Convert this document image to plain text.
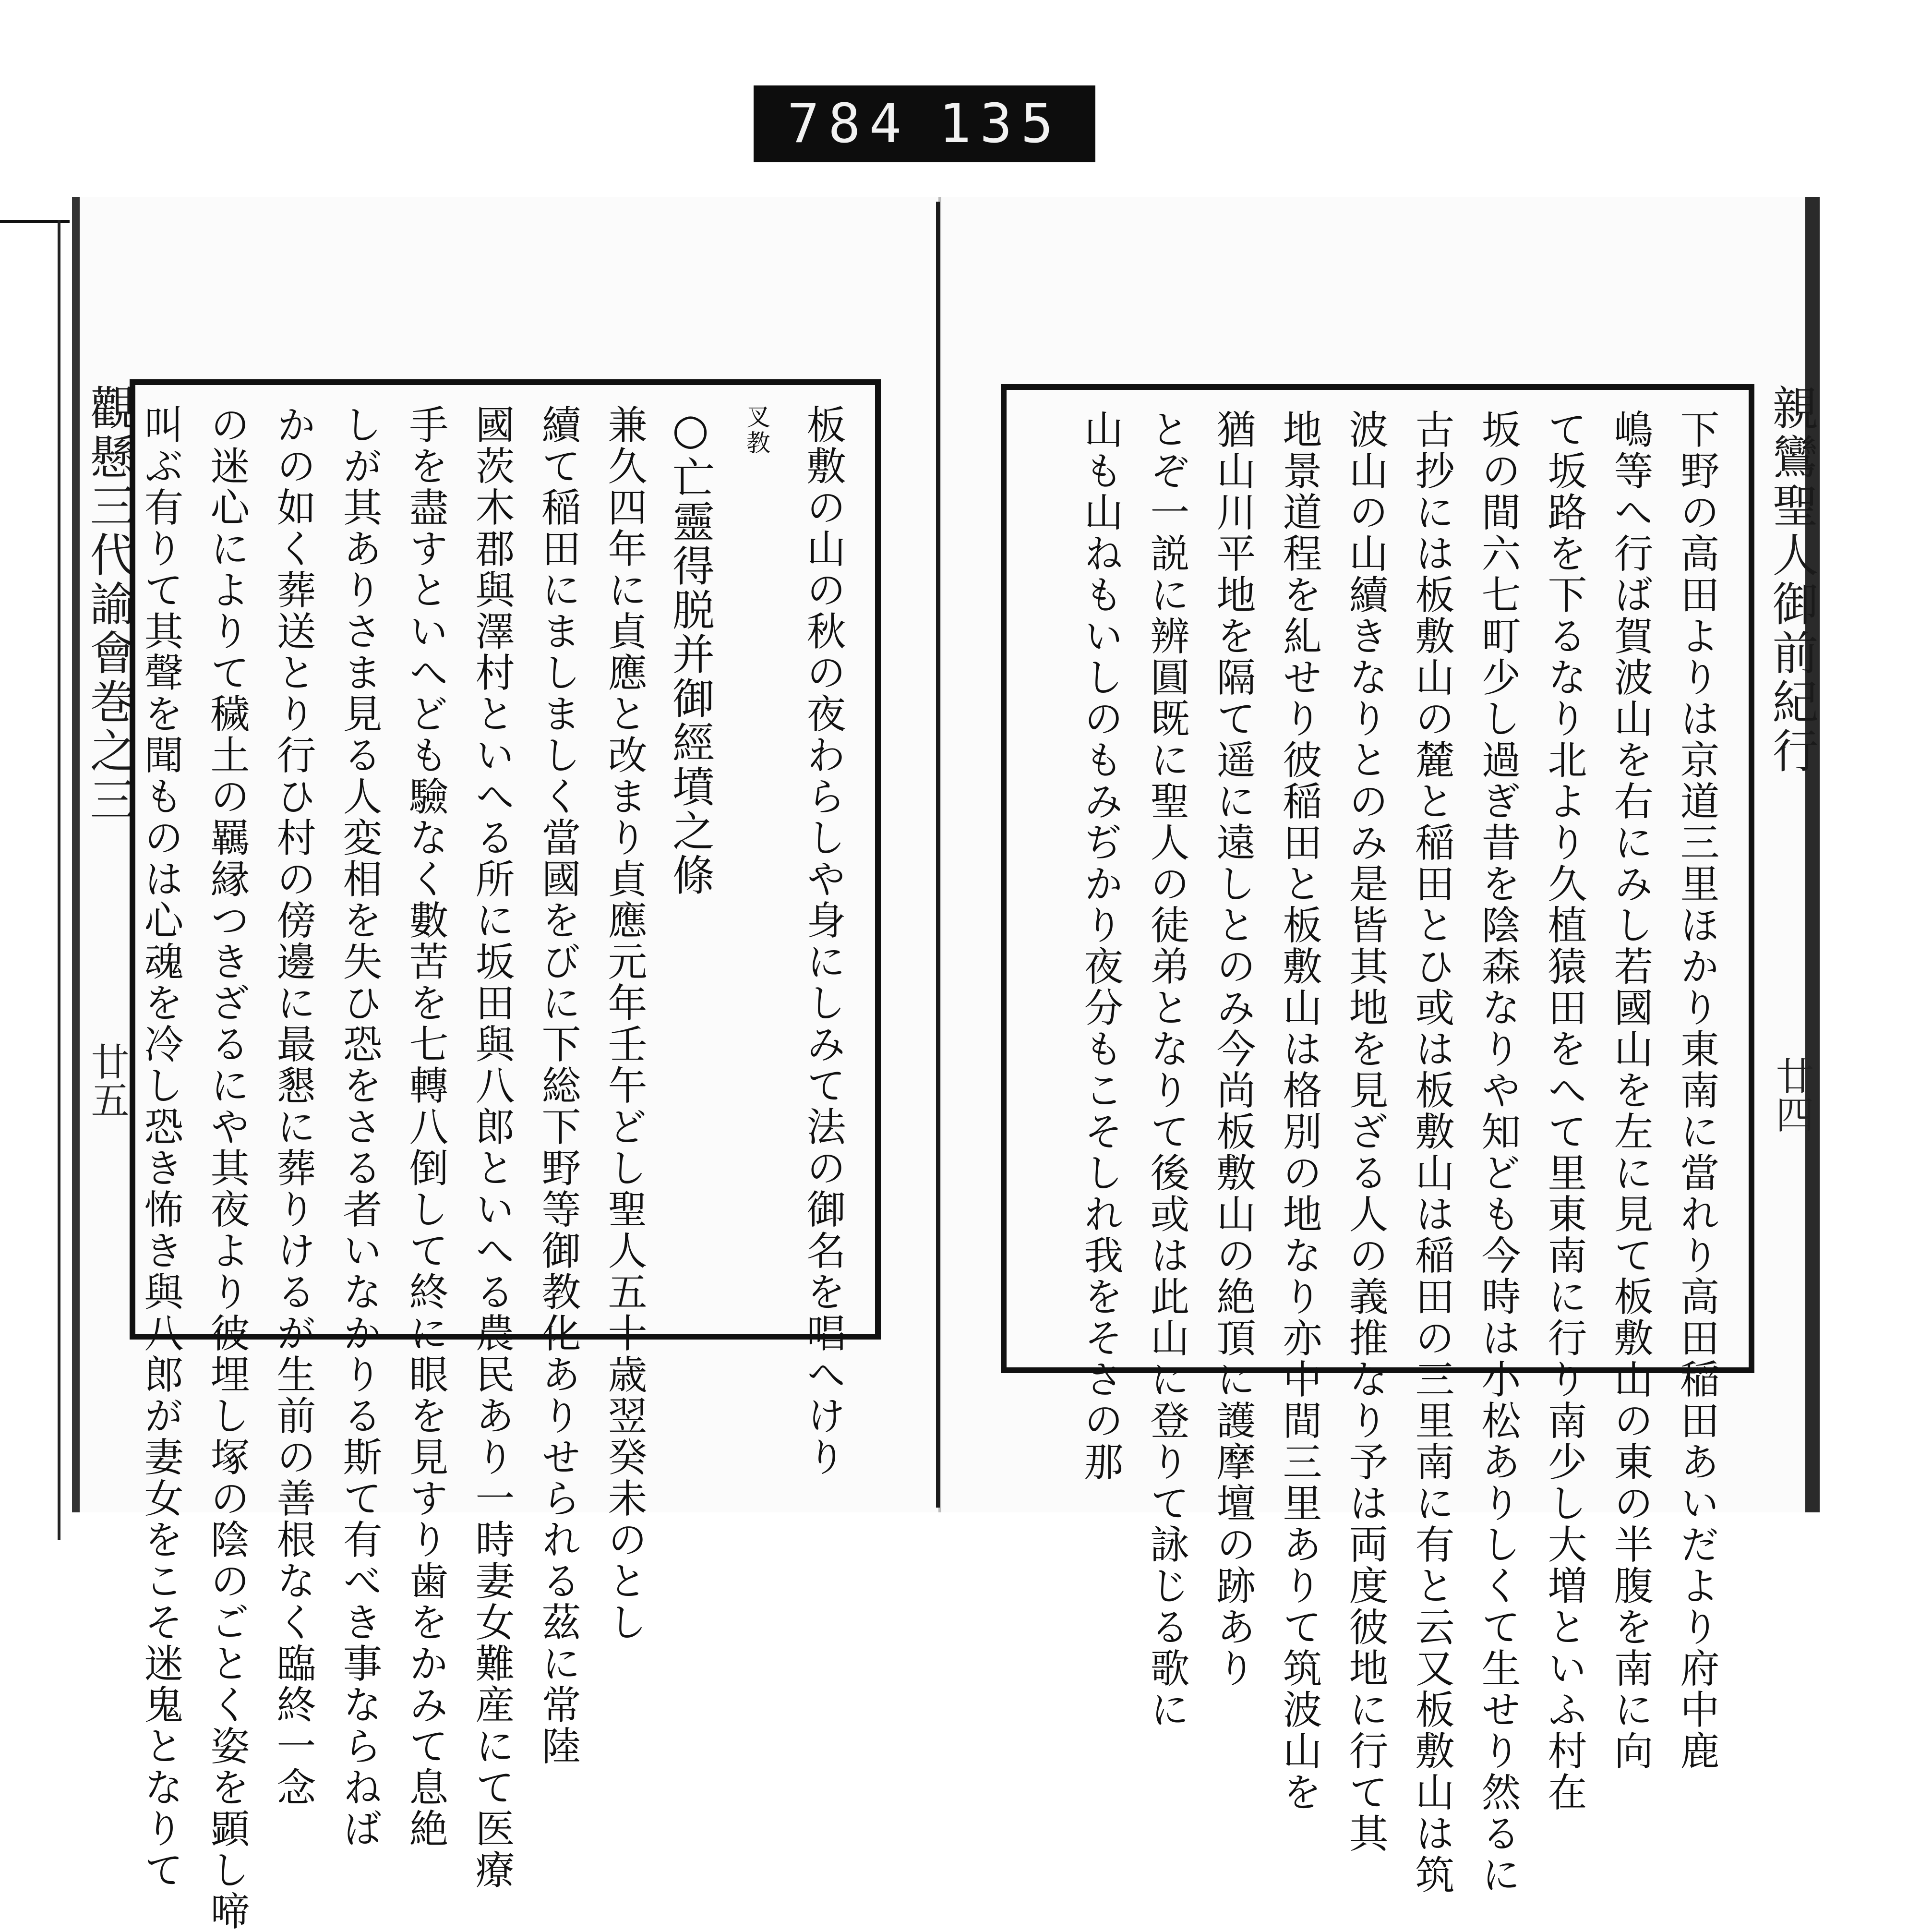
784 135
親鸞聖人御前紀行
廿四

下野の高田よりは京道三里ほかり東南に當れり高田稲田あいだより府中鹿

嶋等へ行ば賀波山を右にみし若國山を左に見て板敷山の東の半腹を南に向

て坂路を下るなり北より久植猿田をへて里東南に行り南少し大増といふ村在

坂の間六七町少し過ぎ昔を陰森なりや知ども今時は小松ありしくて生せり然るに

古抄には板敷山の麓と稲田とひ或は板敷山は稲田の三里南に有と云又板敷山は筑

波山の山續きなりとのみ是皆其地を見ざる人の義推なり予は両度彼地に行て其

地景道程を糺せり彼稲田と板敷山は格別の地なり亦中間三里ありて筑波山を

猶山川平地を隔て遥に遠しとのみ今尚板敷山の絶頂に護摩壇の跡あり

とぞ一説に辨圓既に聖人の徒弟となりて後或は此山に登りて詠じる歌に

山も山ねもいしのもみぢかり夜分もこそしれ我をそさの那

觀懸三代諭會巻之三
廿五	板敷の山の秋の夜わらしや身にしみて法の御名を唱へけり

叉教

○亡靈得脱并御經墳之條

兼久四年に貞應と改まり貞應元年壬午どし聖人五十歳翌癸未のとし

續て稲田にましましく當國をびに下総下野等御教化ありせられる茲に常陸

國茨木郡與澤村といへる所に坂田與八郎といへる農民あり一時妻女難産にて医療

手を盡すといへども驗なく數苦を七轉八倒して終に眼を見すり歯をかみて息絶

しが其ありさま見る人変相を失ひ恐をさる者いなかりる斯て有べき事ならねば

かの如く葬送とり行ひ村の傍邊に最懇に葬りけるが生前の善根なく臨終一念

の迷心によりて穢土の羈縁つきざるにや其夜より彼埋し塚の陰のごとく姿を顕し啼

叫ぶ有りて其聲を聞ものは心魂を冷し恐き怖き與八郎が妻女をこそ迷鬼となりて
